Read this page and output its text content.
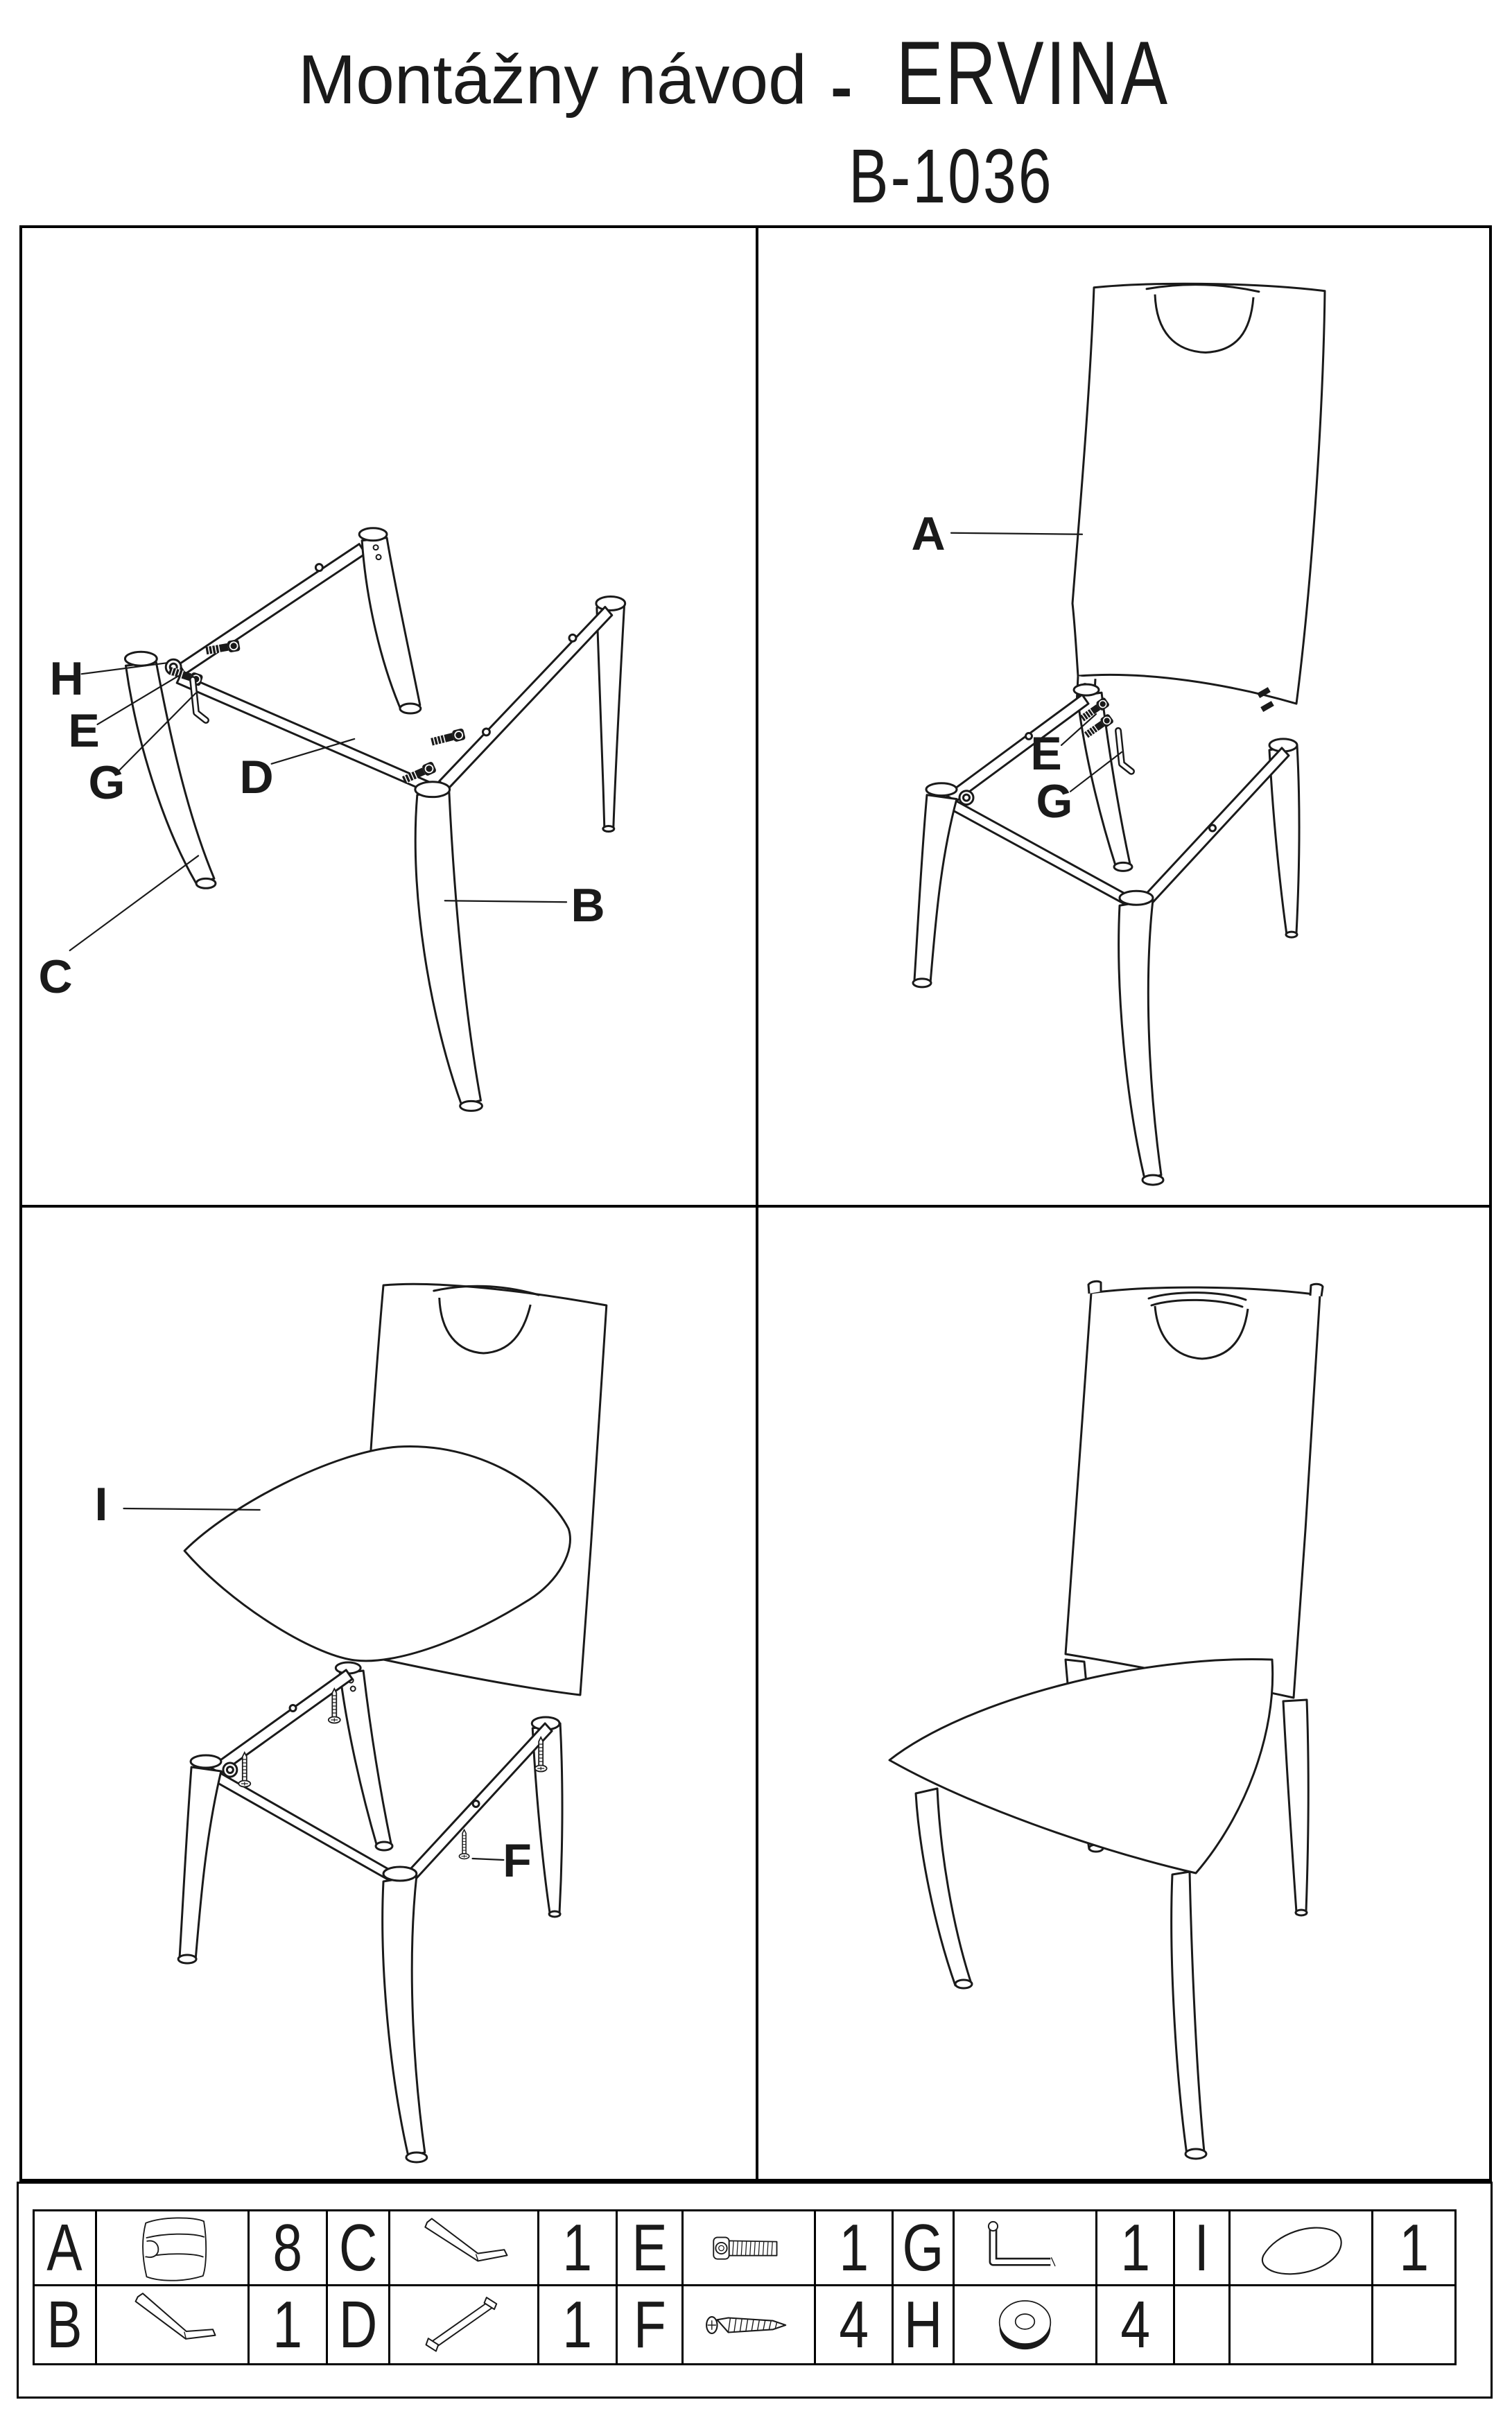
Montážny návod - ERVINA
B-1036
H
E
G D
C
B
A
E
G
I
F
A		8	C		1	E		1	G		1	I		1
B		1	D		1	F		4	H		4			
